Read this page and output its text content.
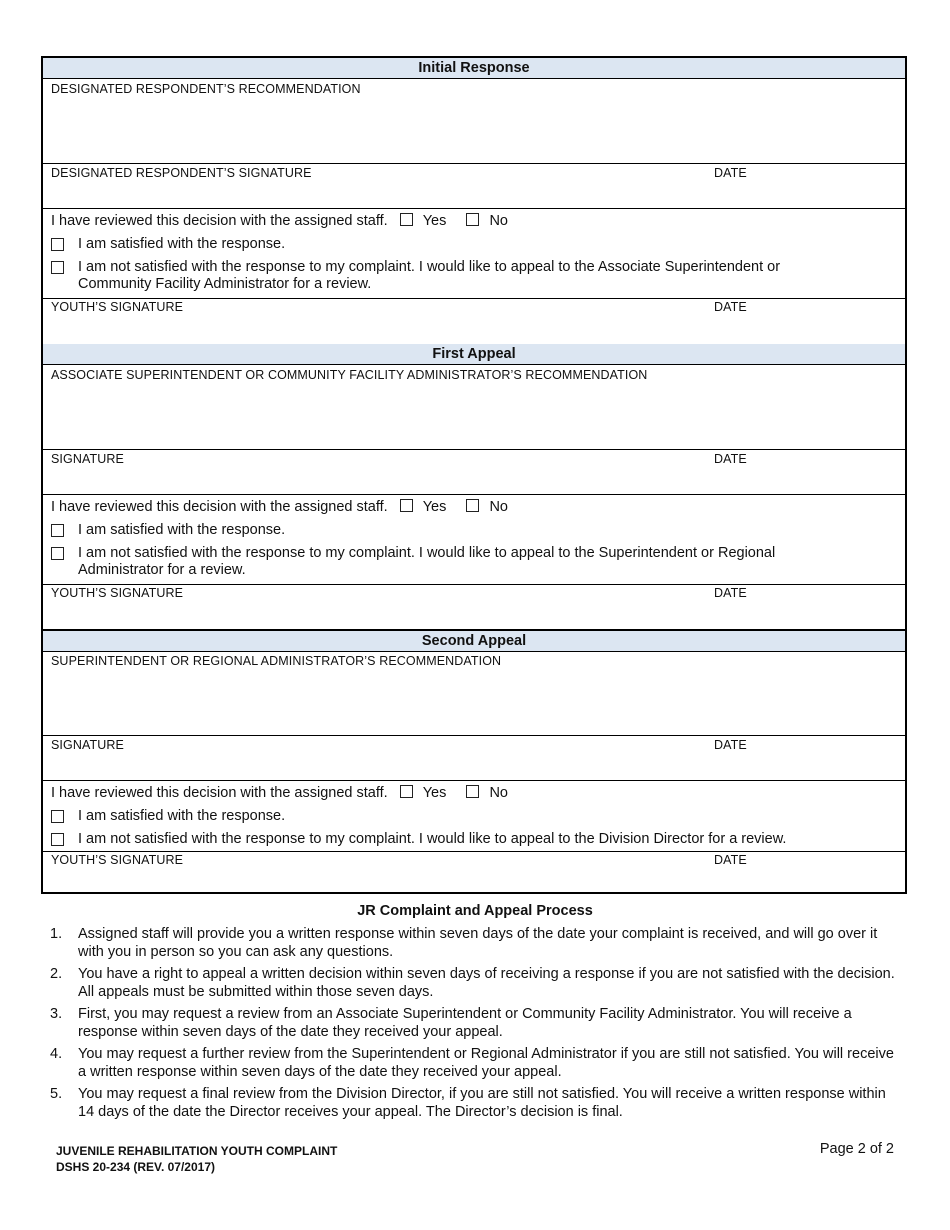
Initial Response
DESIGNATED RESPONDENT’S RECOMMENDATION
DESIGNATED RESPONDENT’S SIGNATURE	DATE
I have reviewed this decision with the assigned staff. Yes	No
I am satisfied with the response.
I am not satisfied with the response to my complaint. I would like to appeal to the Associate Superintendent or
Community Facility Administrator for a review.
YOUTH’S SIGNATURE	DATE
First Appeal
ASSOCIATE SUPERINTENDENT OR COMMUNITY FACILITY ADMINISTRATOR’S RECOMMENDATION
SIGNATURE	DATE
I have reviewed this decision with the assigned staff. Yes	No
I am satisfied with the response.
I am not satisfied with the response to my complaint. I would like to appeal to the Superintendent or Regional
Administrator for a review.
YOUTH’S SIGNATURE	DATE
Second Appeal
SUPERINTENDENT OR REGIONAL ADMINISTRATOR’S RECOMMENDATION
SIGNATURE	DATE
I have reviewed this decision with the assigned staff. Yes	No
I am satisfied with the response.
I am not satisfied with the response to my complaint. I would like to appeal to the Division Director for a review.
YOUTH’S SIGNATURE	DATE
JR Complaint and Appeal Process
1. Assigned staff will provide you a written response within seven days of the date your complaint is received, and will go over it with you in person so you can ask any questions.
2. You have a right to appeal a written decision within seven days of receiving a response if you are not satisfied with the decision. All appeals must be submitted within those seven days.
3. First, you may request a review from an Associate Superintendent or Community Facility Administrator. You will receive a response within seven days of the date they received your appeal.
4. You may request a further review from the Superintendent or Regional Administrator if you are still not satisfied. You will receive a written response within seven days of the date they received your appeal.
5. You may request a final review from the Division Director, if you are still not satisfied. You will receive a written response within 14 days of the date the Director receives your appeal. The Director’s decision is final.
JUVENILE REHABILITATION YOUTH COMPLAINT
DSHS 20-234 (REV. 07/2017)
Page 2 of 2
